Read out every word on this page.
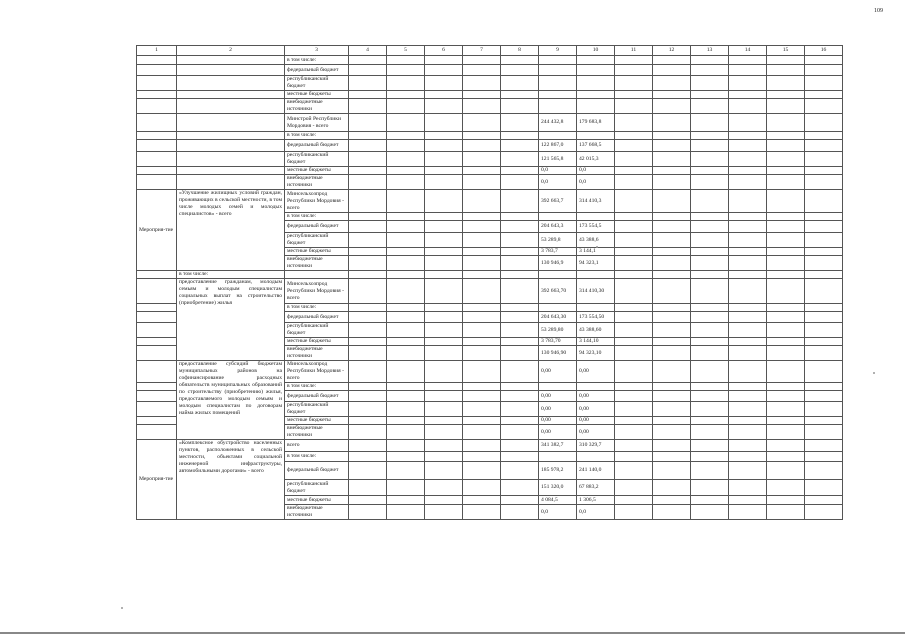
109
1	2	3	4	5	6	7	8	9	10	11	12	13	14	15	16
		в том числе:													
		федеральный бюджет													
		республиканский бюджет													
		местные бюджеты													
		внебюджетные источники													
		Минстрой Республики Мордовия - всего						244 432,8	179 683,8						
		в том числе:													
		федеральный бюджет						122 867,0	137 668,5						
		республиканский бюджет						121 565,8	42 015,3						
		местные бюджеты						0,0	0,0						
		внебюджетные источники						0,0	0,0						
Мероприя-тие	«Улучшение жилищных условий граждан, проживающих в сельской местности, в том числе молодых семей и молодых специалистов» - всего	Минсельхозпрод Республики Мордовия - всего						392 663,7	314 410,3						
		в том числе:													
		федеральный бюджет						204 643,3	173 554,5						
		республиканский бюджет						53 289,8	43 388,6						
		местные бюджеты						3 783,7	3 144,1						
		внебюджетные источники						130 946,9	94 323,1						
	в том числе:														
	предоставление гражданам, молодым семьям и молодым специалистам социальных выплат на строительство (приобретение) жилья	Минсельхозпрод Республики Мордовия - всего						392 663,70	314 410,30						
		в том числе:													
		федеральный бюджет						204 643,30	173 554,50						
		республиканский бюджет						53 289,80	43 388,60						
		местные бюджеты						3 783,70	3 144,10						
		внебюджетные источники						130 946,90	94 323,10						
	предоставление субсидий бюджетам муниципальных районов на софинансирование расходных обязательств муниципальных образований по строительству (приобретению) жилья, предоставляемого молодым семьям и молодым специалистам по договорам найма жилых помещений	Минсельхозпрод Республики Мордовия - всего						0,00	0,00						
		в том числе:													
		федеральный бюджет						0,00	0,00						
		республиканский бюджет						0,00	0,00						
		местные бюджеты						0,00	0,00						
		внебюджетные источники						0,00	0,00						
Мероприя-тие	«Комплексное обустройство населенных пунктов, расположенных в сельской местности, объектами социальной инженерной инфраструктуры, автомобильными дорогами» - всего	всего						341 382,7	310 329,7						
		в том числе:													
		федеральный бюджет						185 978,2	241 140,0						
		республиканский бюджет						151 320,0	67 883,2						
		местные бюджеты						4 084,5	1 306,5						
		внебюджетные источники						0,0	0,0						
